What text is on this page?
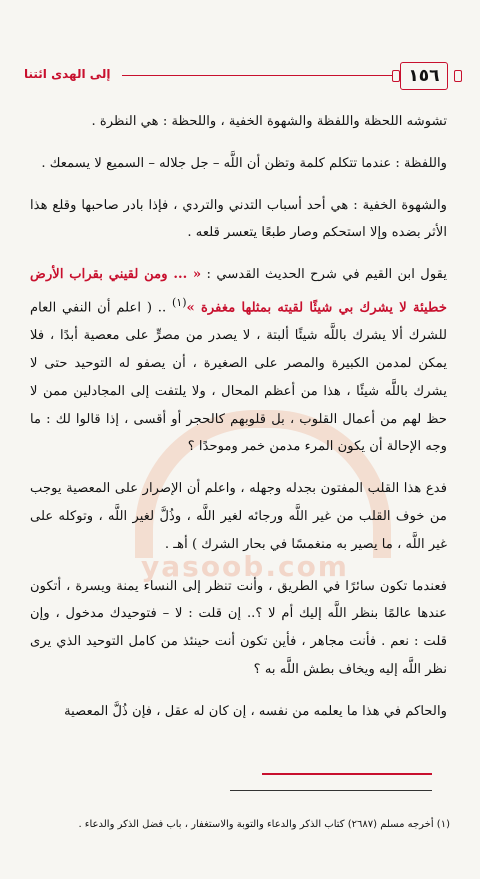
إلى الهدى ائتنا	١٥٦
yasoob.com

تشوشه اللحظة واللفظة والشهوة الخفية ، واللحظة : هي النظرة .

واللفظة : عندما تتكلم كلمة وتظن أن اللَّه – جل جلاله – السميع لا يسمعك .

والشهوة الخفية : هي أحد أسباب التدني والتردي ، فإذا بادر صاحبها وقلع هذا الأثر بضده وإلا استحكم وصار طبعًا يتعسر قلعه .

يقول ابن القيم في شرح الحديث القدسي : « ... ومن لقيني بقراب الأرض خطيئة لا يشرك بي شيئًا لقيته بمثلها مغفرة »$^{(١)}$ .. ( اعلم أن النفي العام للشرك ألا يشرك باللَّه شيئًا ألبتة ، لا يصدر من مصرٍّ على معصية أبدًا ، فلا يمكن لمدمن الكبيرة والمصر على الصغيرة ، أن يصفو له التوحيد حتى لا يشرك باللَّه شيئًا ، هذا من أعظم المحال ، ولا يلتفت إلى المجادلين ممن لا حظ لهم من أعمال القلوب ، بل قلوبهم كالحجر أو أقسى ، إذا قالوا لك : ما وجه الإحالة أن يكون المرء مدمن خمر وموحدًا ؟

فدع هذا القلب المفتون بجدله وجهله ، واعلم أن الإصرار على المعصية يوجب من خوف القلب من غير اللَّه ورجائه لغير اللَّه ، وذُلَّ لغير اللَّه ، وتوكله على غير اللَّه ، ما يصير به منغمسًا في بحار الشرك ) أهـ .

فعندما تكون سائرًا في الطريق ، وأنت تنظر إلى النساء يمنة ويسرة ، أتكون عندها عالمًا بنظر اللَّه إليك أم لا ؟.. إن قلت : لا – فتوحيدك مدخول ، وإن قلت : نعم . فأنت مجاهر ، فأين تكون أنت حينئذ من كامل التوحيد الذي يرى نظر اللَّه إليه ويخاف بطش اللَّه به ؟

والحاكم في هذا ما يعلمه من نفسه ، إن كان له عقل ، فإن ذُلَّ المعصية

(١) أخرجه مسلم (٢٦٨٧) كتاب الذكر والدعاء والتوبة والاستغفار ، باب فضل الذكر والدعاء .
